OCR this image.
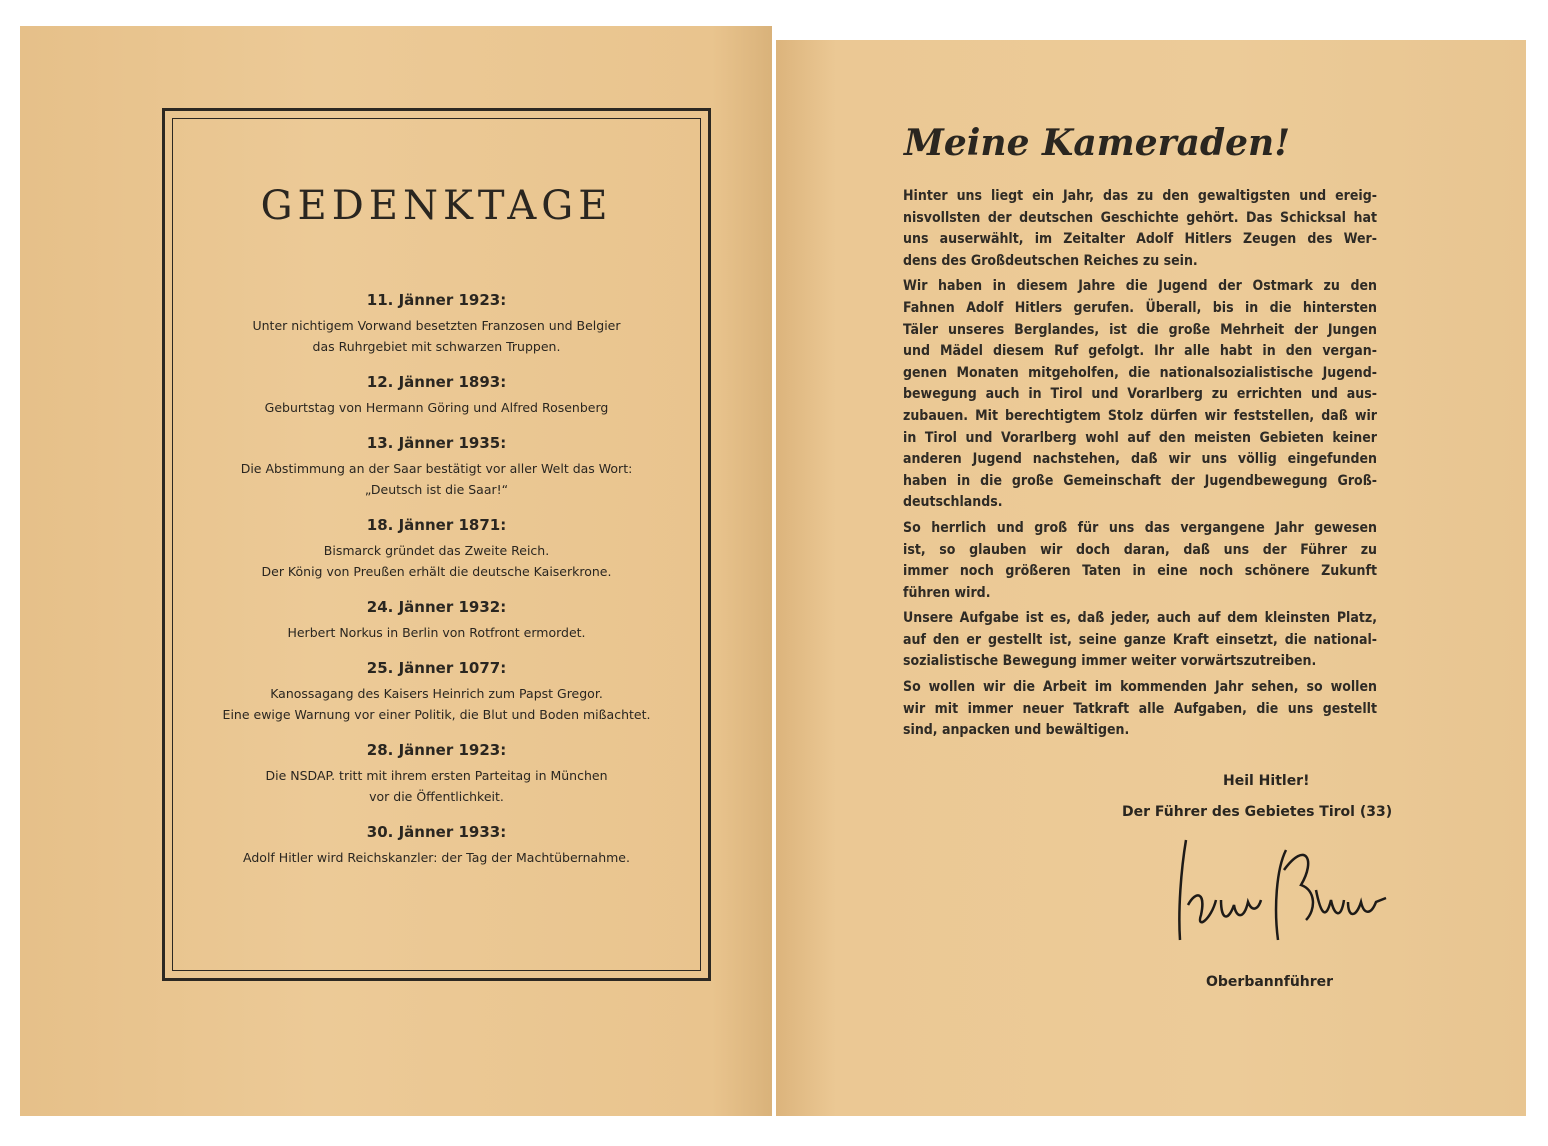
GEDENKTAGE
11. Jänner 1923:
Unter nichtigem Vorwand besetzten Franzosen und Belgier
das Ruhrgebiet mit schwarzen Truppen.
12. Jänner 1893:
Geburtstag von Hermann Göring und Alfred Rosenberg
13. Jänner 1935:
Die Abstimmung an der Saar bestätigt vor aller Welt das Wort:
„Deutsch ist die Saar!“
18. Jänner 1871:
Bismarck gründet das Zweite Reich.
Der König von Preußen erhält die deutsche Kaiserkrone.
24. Jänner 1932:
Herbert Norkus in Berlin von Rotfront ermordet.
25. Jänner 1077:
Kanossagang des Kaisers Heinrich zum Papst Gregor.
Eine ewige Warnung vor einer Politik, die Blut und Boden mißachtet.
28. Jänner 1923:
Die NSDAP. tritt mit ihrem ersten Parteitag in München
vor die Öffentlichkeit.
30. Jänner 1933:
Adolf Hitler wird Reichskanzler: der Tag der Machtübernahme.
Meine Kameraden!
Hinter uns liegt ein Jahr, das zu den gewaltigsten und ereig-
nisvollsten der deutschen Geschichte gehört. Das Schicksal hat
uns auserwählt, im Zeitalter Adolf Hitlers Zeugen des Wer-
dens des Großdeutschen Reiches zu sein.
Wir haben in diesem Jahre die Jugend der Ostmark zu den
Fahnen Adolf Hitlers gerufen. Überall, bis in die hintersten
Täler unseres Berglandes, ist die große Mehrheit der Jungen
und Mädel diesem Ruf gefolgt. Ihr alle habt in den vergan-
genen Monaten mitgeholfen, die nationalsozialistische Jugend-
bewegung auch in Tirol und Vorarlberg zu errichten und aus-
zubauen. Mit berechtigtem Stolz dürfen wir feststellen, daß wir
in Tirol und Vorarlberg wohl auf den meisten Gebieten keiner
anderen Jugend nachstehen, daß wir uns völlig eingefunden
haben in die große Gemeinschaft der Jugendbewegung Groß-
deutschlands.
So herrlich und groß für uns das vergangene Jahr gewesen
ist, so glauben wir doch daran, daß uns der Führer zu
immer noch größeren Taten in eine noch schönere Zukunft
führen wird.
Unsere Aufgabe ist es, daß jeder, auch auf dem kleinsten Platz,
auf den er gestellt ist, seine ganze Kraft einsetzt, die national-
sozialistische Bewegung immer weiter vorwärtszutreiben.
So wollen wir die Arbeit im kommenden Jahr sehen, so wollen
wir mit immer neuer Tatkraft alle Aufgaben, die uns gestellt
sind, anpacken und bewältigen.
Heil Hitler!
Der Führer des Gebietes Tirol (33)
Oberbannführer
